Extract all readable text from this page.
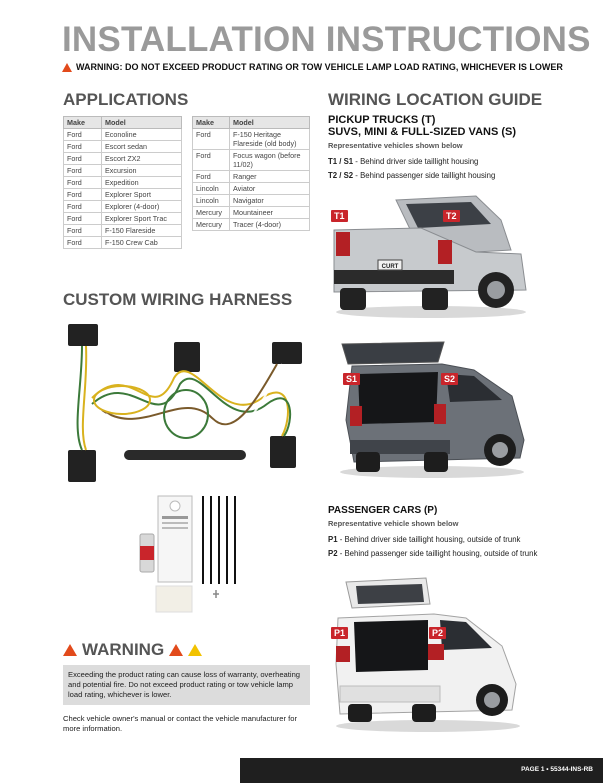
INSTALLATION INSTRUCTIONS
WARNING: DO NOT EXCEED PRODUCT RATING OR TOW VEHICLE LAMP LOAD RATING, WHICHEVER IS LOWER
APPLICATIONS	WIRING LOCATION GUIDE
Make	Model
Ford	Econoline
Ford	Escort sedan
Ford	Escort ZX2
Ford	Excursion
Ford	Expedition
Ford	Explorer Sport
Ford	Explorer (4-door)
Ford	Explorer Sport Trac
Ford	F-150 Flareside
Ford	F-150 Crew Cab
Make	Model
Ford	F-150 Heritage Flareside (old body)
Ford	Focus wagon (before 11/02)
Ford	Ranger
Lincoln	Aviator
Lincoln	Navigator
Mercury	Mountaineer
Mercury	Tracer (4-door)
PICKUP TRUCKS (T)
SUVS, MINI & FULL-SIZED VANS (S)
Representative vehicles shown below
T1 / S1 - Behind driver side taillight housing
T2 / S2 - Behind passenger side taillight housing
CURT
T1	T2
S1	S2
PASSENGER CARS (P)
Representative vehicle shown below
P1 - Behind driver side taillight housing, outside of trunk
P2 - Behind passenger side taillight housing, outside of trunk
P1	P2
CUSTOM WIRING HARNESS
WARNING
Exceeding the product rating can cause loss of warranty, overheating and potential fire. Do not exceed product rating or tow vehicle lamp load rating, whichever is lower.
Check vehicle owner's manual or contact the vehicle manufacturer for more information.
PAGE 1 • 55344-INS-RB
